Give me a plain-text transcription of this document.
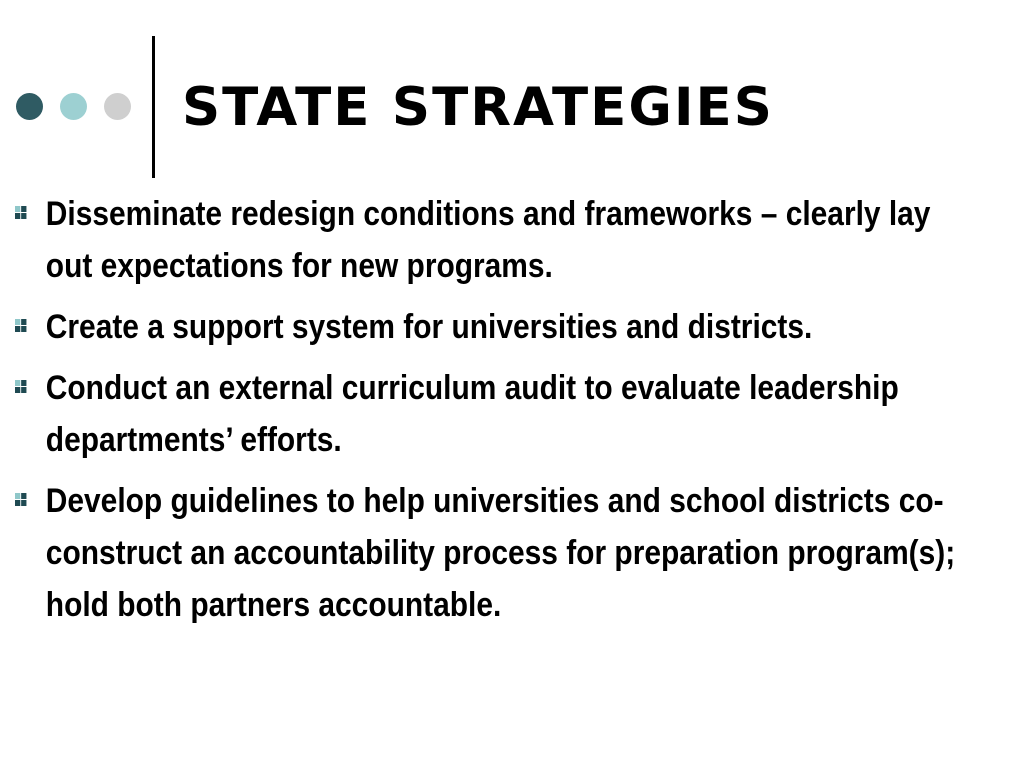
STATE STRATEGIES
Disseminate redesign conditions and frameworks – clearly lay out expectations for new programs.
Create a support system for universities and districts.
Conduct an external curriculum audit to evaluate leadership departments’ efforts.
Develop guidelines to help universities and school districts co-construct an accountability process for preparation program(s); hold both partners accountable.
